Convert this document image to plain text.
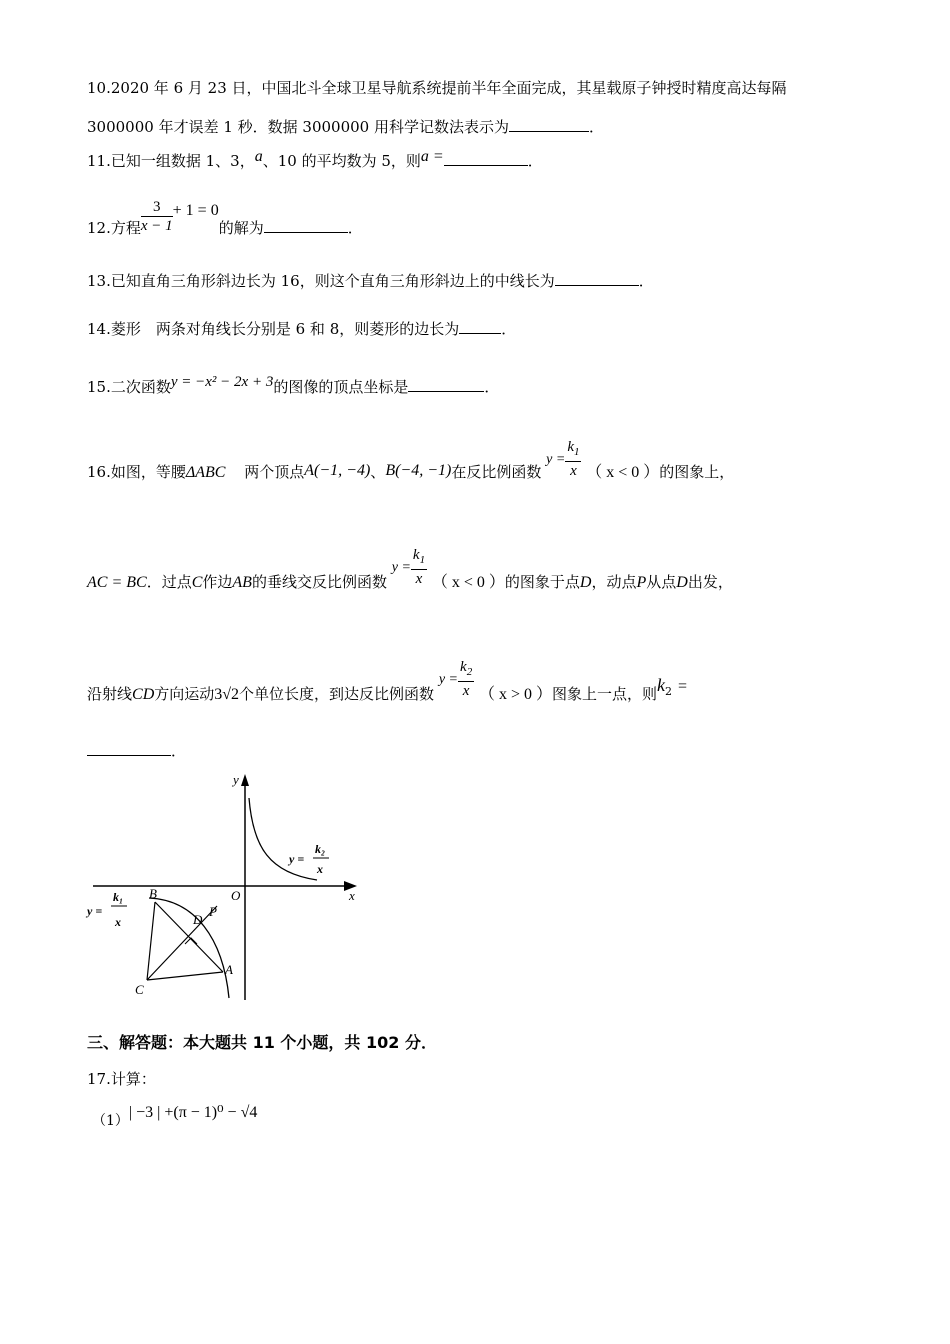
10.2020 年 6 月 23 日，中国北斗全球卫星导航系统提前半年全面完成，其星载原子钟授时精度高达每隔
3000000 年才误差 1 秒．数据 3000000 用科学记数法表示为	．
11.已知一组数据 1、3，a、10 的平均数为 5，则a =	．
12.方程 $\frac{3}{x - 1} + 1 = 0$的解为	．
13.已知直角三角形斜边长为 16，则这个直角三角形斜边上的中线长为	．
14.菱形　两条对角线长分别是 6 和 8，则菱形的边长为	．
15.二次函数y = −x² − 2x + 3的图像的顶点坐标是	．
16.如图，等腰ΔABC 两个顶点A(−1, −4)、B(−4, −1)在反比例函数 $y = \frac{k_1}{x}$ （ x < 0 ）的图象上，
AC = BC．过点C作边AB的垂线交反比例函数 $y = \frac{k_1}{x}$ （ x < 0 ）的图象于点D，动点P从点D出发，
沿射线CD方向运动3√2个单位长度，到达反比例函数 $y = \frac{k_2}{x}$ （ x > 0 ）图象上一点，则$k_2$ =
．
y
x
O
y =
k₂
x
y =
k₁
x
B
C
A
D
P
三、解答题：本大题共 11 个小题，共 102 分．
17.计算：
（1）| −3 | +(π − 1)⁰ − √4
